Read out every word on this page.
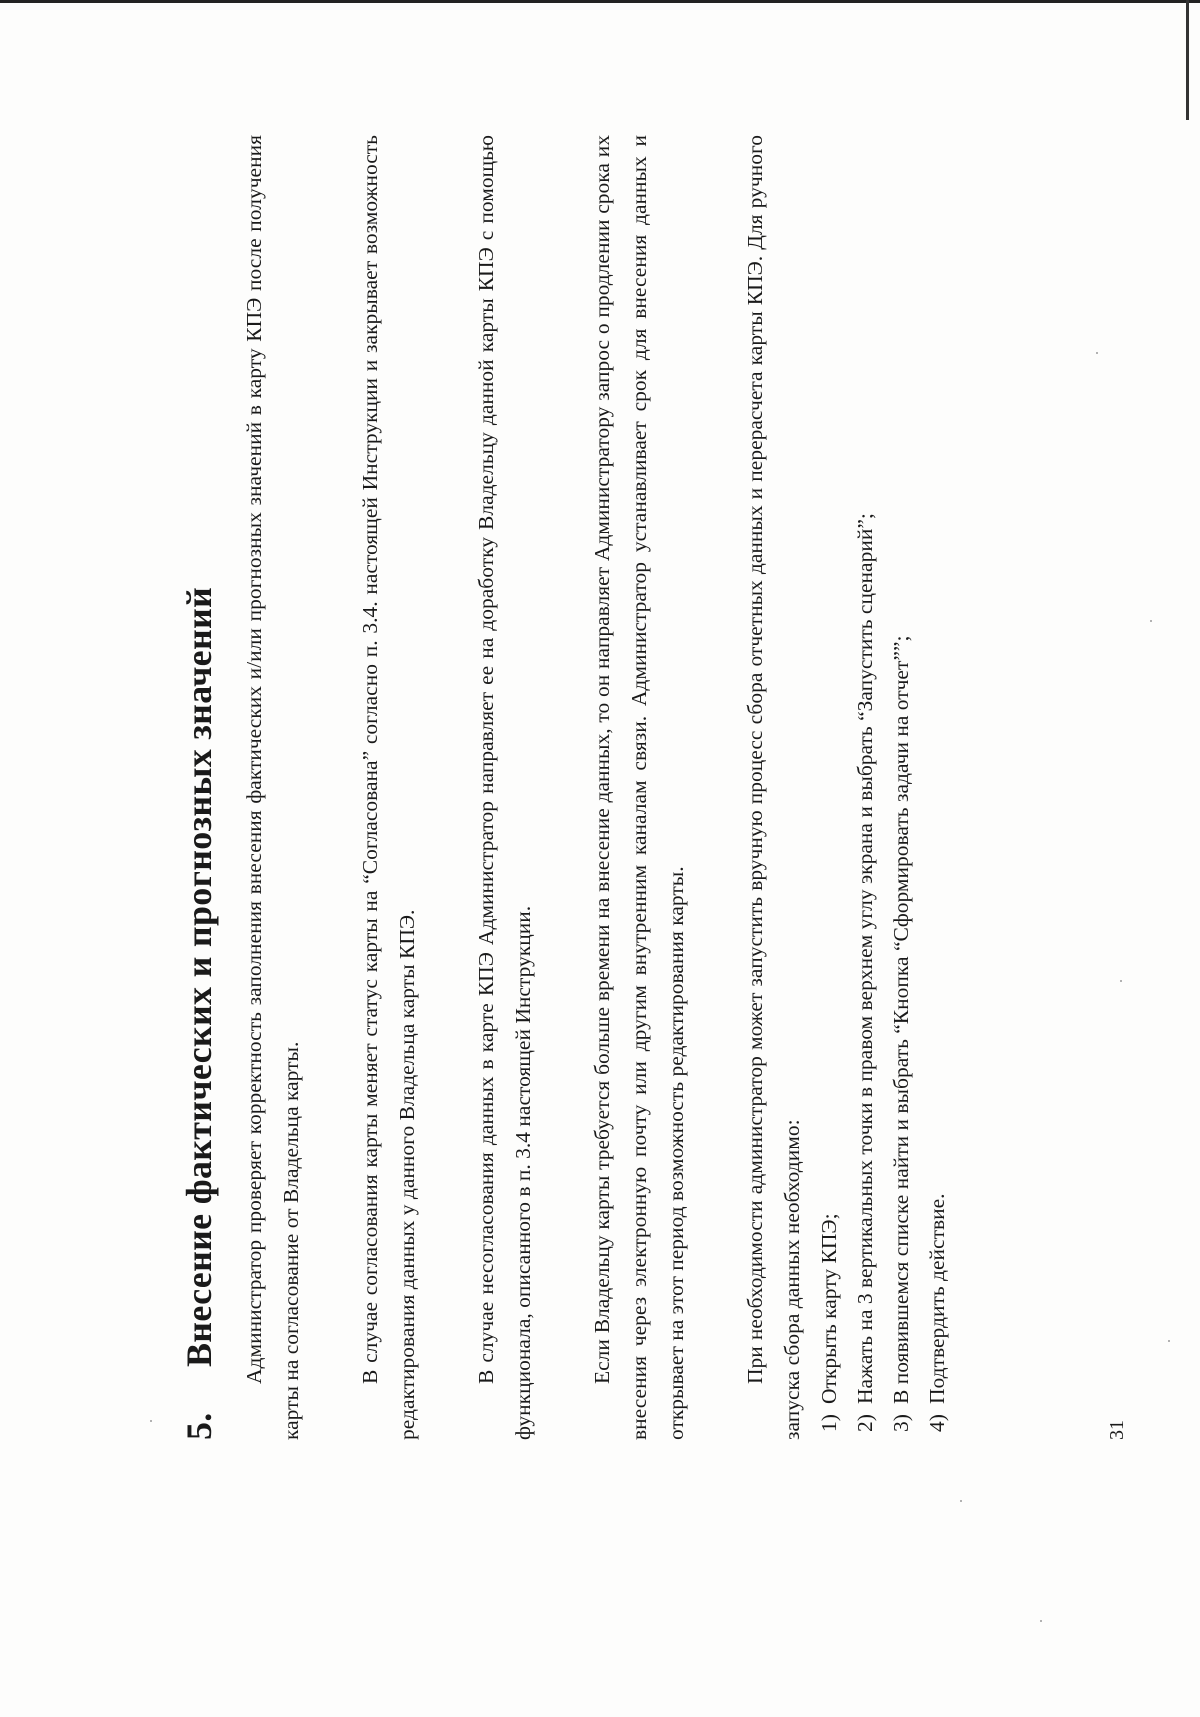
5.
Внесение фактических и прогнозных значений Администратор проверяет корректность заполнения внесения фактических и/или прогнозных значений в карту КПЭ после получения карты на согласование от Владельца карты.	В случае согласования карты меняет статус карты на “Согласована” согласно п. 3.4. настоящей Инструкции и закрывает возможность редактирования данных у данного Владельца карты КПЭ.	В случае несогласования данных в карте КПЭ Администратор направляет ее на доработку Владельцу данной карты КПЭ с помощью функционала, описанного в п. 3.4 настоящей Инструкции.	Если Владельцу карты требуется больше времени на внесение данных, то он направляет Администратору запрос о продлении срока их внесения через электронную почту или другим внутренним каналам связи. Администратор устанавливает срок для внесения данных и открывает на этот период возможность редактирования карты.	При необходимости администратор может запустить вручную процесс сбора отчетных данных и перерасчета карты КПЭ. Для ручного запуска сбора данных необходимо: 1)
Открыть карту КПЭ;
2)
Нажать на 3 вертикальных точки в правом верхнем углу экрана и выбрать “Запустить сценарий”;
3)
В появившемся списке найти и выбрать “Кнопка “Сформировать задачи на отчет””;
4)
Подтвердить действие.
31
